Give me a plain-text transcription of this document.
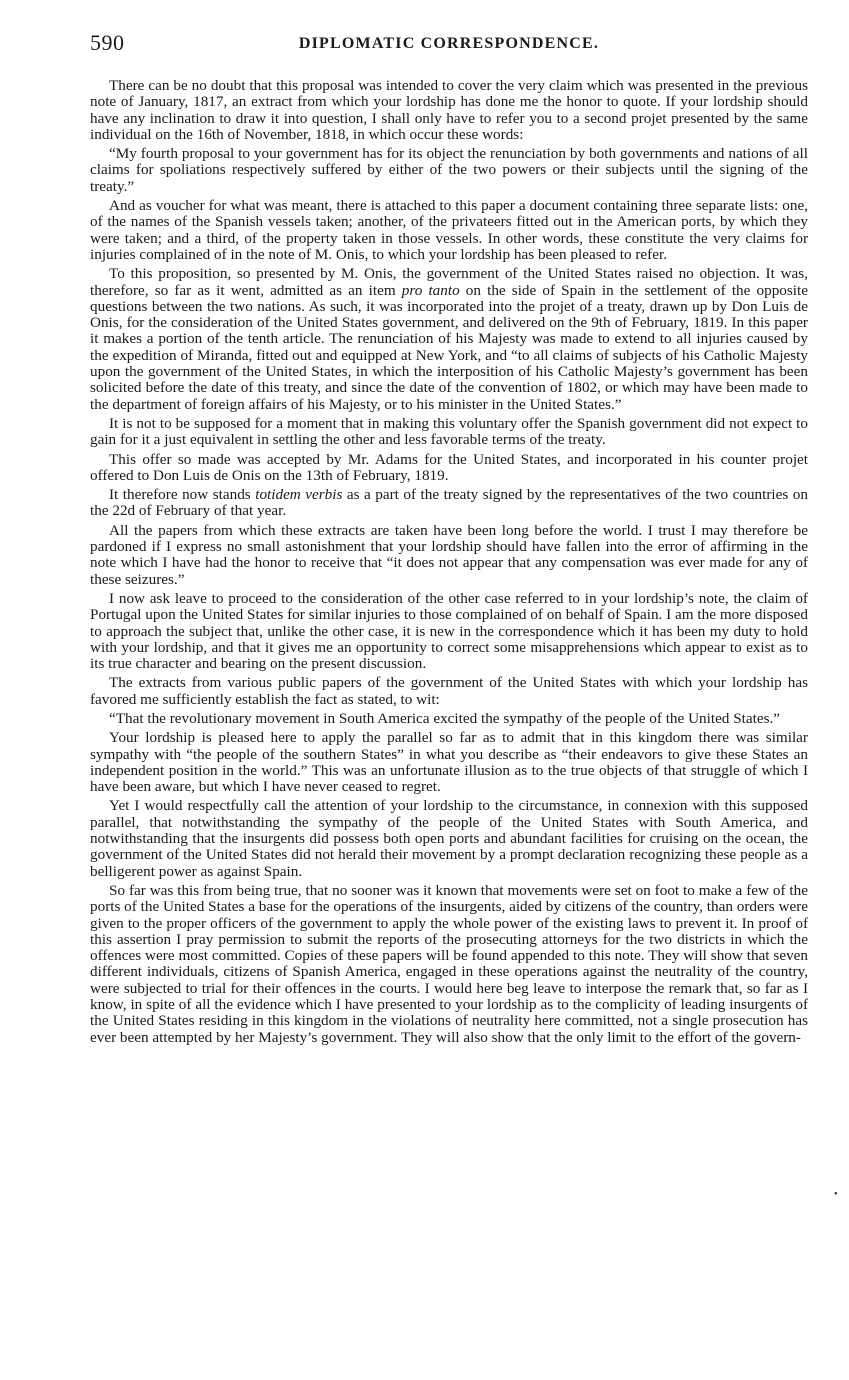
590	DIPLOMATIC CORRESPONDENCE.

There can be no doubt that this proposal was intended to cover the very claim which was presented in the previous note of January, 1817, an extract from which your lordship has done me the honor to quote. If your lordship should have any inclination to draw it into question, I shall only have to refer you to a second projet presented by the same individual on the 16th of November, 1818, in which occur these words:

“My fourth proposal to your government has for its object the renunciation by both governments and nations of all claims for spoliations respectively suffered by either of the two powers or their subjects until the signing of the treaty.”

And as voucher for what was meant, there is attached to this paper a document containing three separate lists: one, of the names of the Spanish vessels taken; another, of the privateers fitted out in the American ports, by which they were taken; and a third, of the property taken in those vessels. In other words, these constitute the very claims for injuries complained of in the note of M. Onis, to which your lordship has been pleased to refer.

To this proposition, so presented by M. Onis, the government of the United States raised no objection. It was, therefore, so far as it went, admitted as an item pro tanto on the side of Spain in the settlement of the opposite questions between the two nations. As such, it was incorporated into the projet of a treaty, drawn up by Don Luis de Onis, for the consideration of the United States government, and delivered on the 9th of February, 1819. In this paper it makes a portion of the tenth article. The renunciation of his Majesty was made to extend to all injuries caused by the expedition of Miranda, fitted out and equipped at New York, and “to all claims of subjects of his Catholic Majesty upon the government of the United States, in which the interposition of his Catholic Majesty’s government has been solicited before the date of this treaty, and since the date of the convention of 1802, or which may have been made to the department of foreign affairs of his Majesty, or to his minister in the United States.”

It is not to be supposed for a moment that in making this voluntary offer the Spanish government did not expect to gain for it a just equivalent in settling the other and less favorable terms of the treaty.

This offer so made was accepted by Mr. Adams for the United States, and incorporated in his counter projet offered to Don Luis de Onis on the 13th of February, 1819.

It therefore now stands totidem verbis as a part of the treaty signed by the representatives of the two countries on the 22d of February of that year.

All the papers from which these extracts are taken have been long before the world. I trust I may therefore be pardoned if I express no small astonishment that your lordship should have fallen into the error of affirming in the note which I have had the honor to receive that “it does not appear that any compensation was ever made for any of these seizures.”

I now ask leave to proceed to the consideration of the other case referred to in your lordship’s note, the claim of Portugal upon the United States for similar injuries to those complained of on behalf of Spain. I am the more disposed to approach the subject that, unlike the other case, it is new in the correspondence which it has been my duty to hold with your lordship, and that it gives me an opportunity to correct some misapprehensions which appear to exist as to its true character and bearing on the present discussion.

The extracts from various public papers of the government of the United States with which your lordship has favored me sufficiently establish the fact as stated, to wit:

“That the revolutionary movement in South America excited the sympathy of the people of the United States.”

Your lordship is pleased here to apply the parallel so far as to admit that in this kingdom there was similar sympathy with “the people of the southern States” in what you describe as “their endeavors to give these States an independent position in the world.” This was an unfortunate illusion as to the true objects of that struggle of which I have been aware, but which I have never ceased to regret.

Yet I would respectfully call the attention of your lordship to the circumstance, in connexion with this supposed parallel, that notwithstanding the sympathy of the people of the United States with South America, and notwithstanding that the insurgents did possess both open ports and abundant facilities for cruising on the ocean, the government of the United States did not herald their movement by a prompt declaration recognizing these people as a belligerent power as against Spain.

So far was this from being true, that no sooner was it known that movements were set on foot to make a few of the ports of the United States a base for the operations of the insurgents, aided by citizens of the country, than orders were given to the proper officers of the government to apply the whole power of the existing laws to prevent it. In proof of this assertion I pray permission to submit the reports of the prosecuting attorneys for the two districts in which the offences were most committed. Copies of these papers will be found appended to this note. They will show that seven different individuals, citizens of Spanish America, engaged in these operations against the neutrality of the country, were subjected to trial for their offences in the courts. I would here beg leave to interpose the remark that, so far as I know, in spite of all the evidence which I have presented to your lordship as to the complicity of leading insurgents of the United States residing in this kingdom in the violations of neutrality here committed, not a single prosecution has ever been attempted by her Majesty’s government. They will also show that the only limit to the effort of the govern-

•
